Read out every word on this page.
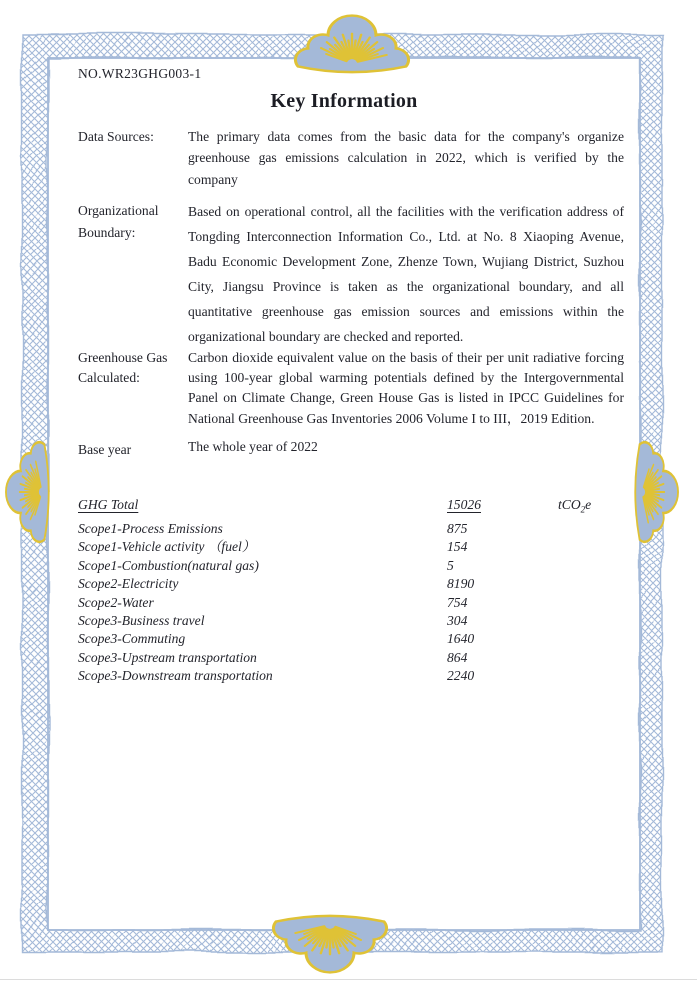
NO.WR23GHG003-1
Key Information
Data Sources:	The primary data comes from the basic data for the company's organize greenhouse gas emissions calculation in 2022, which is verified by the company
Organizational Boundary:
Based on operational control, all the facilities with the verification address of Tongding Interconnection Information Co., Ltd. at No. 8 Xiaoping Avenue, Badu Economic Development Zone, Zhenze Town, Wujiang District, Suzhou City, Jiangsu Province is taken as the organizational boundary, and all quantitative greenhouse gas emission sources and emissions within the organizational boundary are checked and reported.
Greenhouse Gas Calculated:
Carbon dioxide equivalent value on the basis of their per unit radiative forcing using 100-year global warming potentials defined by the Intergovernmental Panel on Climate Change, Green House Gas is listed in IPCC Guidelines for National Greenhouse Gas Inventories 2006 Volume I to III，2019 Edition.
Base year	The whole year of 2022
GHG Total	15026	tCO$_2$e
Scope1-Process Emissions	875
Scope1-Vehicle activity （fuel）	154
Scope1-Combustion(natural gas)	5
Scope2-Electricity	8190
Scope2-Water	754
Scope3-Business travel	304
Scope3-Commuting	1640
Scope3-Upstream transportation	864
Scope3-Downstream transportation	2240
